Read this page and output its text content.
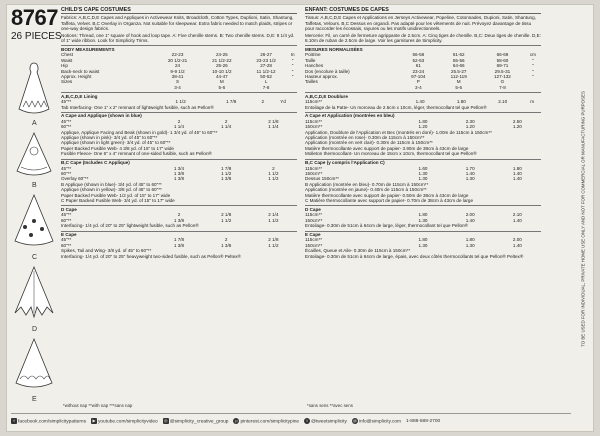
8767
26 PIECES
A
B
C
D
E
CHILD'S CAPE COSTUMES
Fabrics: A,B,C,D,E Capes and Appliques in Activewear Knits, Broadcloth, Cotton Types, Duplioni, Satin, Shantung, Taffeta, Velvet. B,C Overlay in Organza. Not suitable for sleepwear. Extra fabric needed to match plaids, stripes or one-way design fabrics.
Notions: Thread, one 1" square of hook and loop tape. A: Five chenille stems. B: Two chenille stems. D,E: 8 1/4 yd. of 1" wide ribbon. Look for Simplicity Trims.
BODY MEASUREMENTS
Chest	22-23	24-25	26-27	In
Waist	20 1/2-21	21 1/2-22	23-23 1/2	"
Hip	24	25-26	27-28	"
Back-neck to waist	9-9 1/2	10-10 1/2	11 1/2-12	"
Approx. Height	38-41	44-47	50-52	"
Sizes	S	M	L	
	3-4	5-6	7-8	
A,B,C,D,E Lining
45"**	1 1/2	1 7/8	2	Yd
Tab Interfacing- One 1" x 2" remnant of lightweight fusible, such as Pellon®
A Cape and Applique (shown in blue)
45"**	2	2	2 1/8	
60"**	1 1/4	1 1/4	1 1/4	
Applique, Applique Facing and Beak (shown in gold)- 1 3/4 yd. of 45" to 60"**
Applique (shown in pink)- 3/4 yd. of 45" to 60"**
Applique (shown in light green)- 3/4 yd. of 45" to 60"**
Paper Backed Fusible Web- 4 3/8 yd. of 15" to 17" wide
Fusible Fleece- One 6" x 4" remnant of one-sided fusible, such as Pellon®
B,C Cape (Includes C Applique)
45"**	1 3/4	1 7/8	2	
60"**	1 3/8	1 1/2	1 1/2	
Overlay 60"**	1 3/8	1 3/8	1 1/2	
B Applique (shown in blue)- 3/4 yd. of 45" to 60"**
Applique (shown in yellow)- 3/8 yd. of 45" to 60"**
Paper Backed Fusible Web- 1/2 yd. of 15" to 17" wide
C Paper Backed Fusible Web- 3/4 yd. of 15" to 17" wide
D Cape
45"**	2	2 1/8	2 1/4	
60"**	1 3/8	1 1/2	1 1/2	
Interfacing- 1/4 yd. of 20" to 25" lightweight fusible, such as Pellon®
E Cape
45"**	1 7/8	2	2 1/8	
60"**	1 3/8	1 3/8	1 1/2	
Spikes, Tail and Wing- 3/8 yd. of 45" to 60"**
Interfacing- 1/4 yd. of 20" to 25" heavyweight two-sided fusible, such as Pellon® Peltex®
ENFANT: COSTUMES DE CAPES
Tissus: A,B,C,D,E Capes et Applications en Jerseys Activewear, Popeline, Cotonnades, Dupioni, Satin, Shantung, Taffetas, Velours. B,C Dessus en organdi. Pas adapté pour les vêtements de nuit. Prévoyez davantage de tissu pour raccorder les écossais, rayures ou les motifs unidirectionnels.
Mercerie: Fil, un carré de fermeture agrippante de 2.5cm. A: Cinq tiges de chenille. B,C: Deux tiges de chenille. D,E: 8.10m de ruban de 2.5cm de large. Voir les garnitures de Simplicity.
MESURES NORMALISÉES
Poitrine	56-58	61-62	66-69	cm
Taille	52-53	55-56	58-60	"
Hanches	61	64-66	69-71	"
Dos (encolure à taille)	23-24	25.5-27	29.5-31	"
Hauteur approx.	97-104	112-119	127-132	"
Tailles	P	M	G	
	3-4	5-6	7-8	
A,B,C,D,E Doublure
115cm**	1.40	1.80	2.10	m
Entoilage de la Patte- Un morceau de 2.5cm x 10cm, léger, thermocollant tel que Pellon®
A Cape et Application (montrées en bleu)
115cm**	1.80	2.30	2.50	
150cm**	1.20	1.20	1.20	
Application, Doublure de l'Application et Bec (montrés en doré)- 1.00m de 115cm à 150cm**
Application (montrée en rose)- 0.30m de 115cm à 150cm**
Application (montrée en vert clair)- 0.30m de 115cm à 150cm**
Matière thermocollante avec support de papier- 3.90m de 38cm à 43cm de large
Molleton thermocollant- Un morceau de 15cm x 10cm, thermocollant tel que Pellon®
B,C Cape (y compris l'Application C)
115cm**	1.60	1.70	1.80	
150cm**	1.30	1.40	1.40	
Dessus 150cm**	1.30	1.30	1.40	
B Application (montrée en bleu)- 0.70m de 115cm à 150cm**
Application (montrée en jaune)- 0.40m de 115cm à 150cm**
Matière thermocollante avec support de papier- 0.50m de 38cm à 43cm de large
C Matière thermocollante avec support de papier- 0.70m de 38cm à 43cm de large
D Cape
115cm**	1.80	2.00	2.10	
150cm**	1.30	1.40	1.40	
Entoilage- 0.30m de 51cm à 64cm de large, léger, thermocollant tel que Pellon®
E Cape
115cm**	1.80	1.80	2.00	
150cm**	1.30	1.30	1.40	
Écailles, Queue et Aile- 0.30m de 115cm à 150cm**
Entoilage- 0.30m de 51cm à 64cm de large, épais, avec deux côtés thermocollants tel que Pellon® Peltex®
*without nap **with nap ***sans nap	*sans sens **avec sens
TO BE USED FOR INDIVIDUAL, PRIVATE HOME USE ONLY AND NOT FOR COMMERCIAL OR MANUFACTURING PURPOSES
f facebook.com/simplicitypatterns	▶ youtube.com/simplicityvideo	◎ @simplicity_creative_group	p pinterest.com/simplicitypine	t @tweetsimplicity @ info@simplicity.com 1-888-588-2700
